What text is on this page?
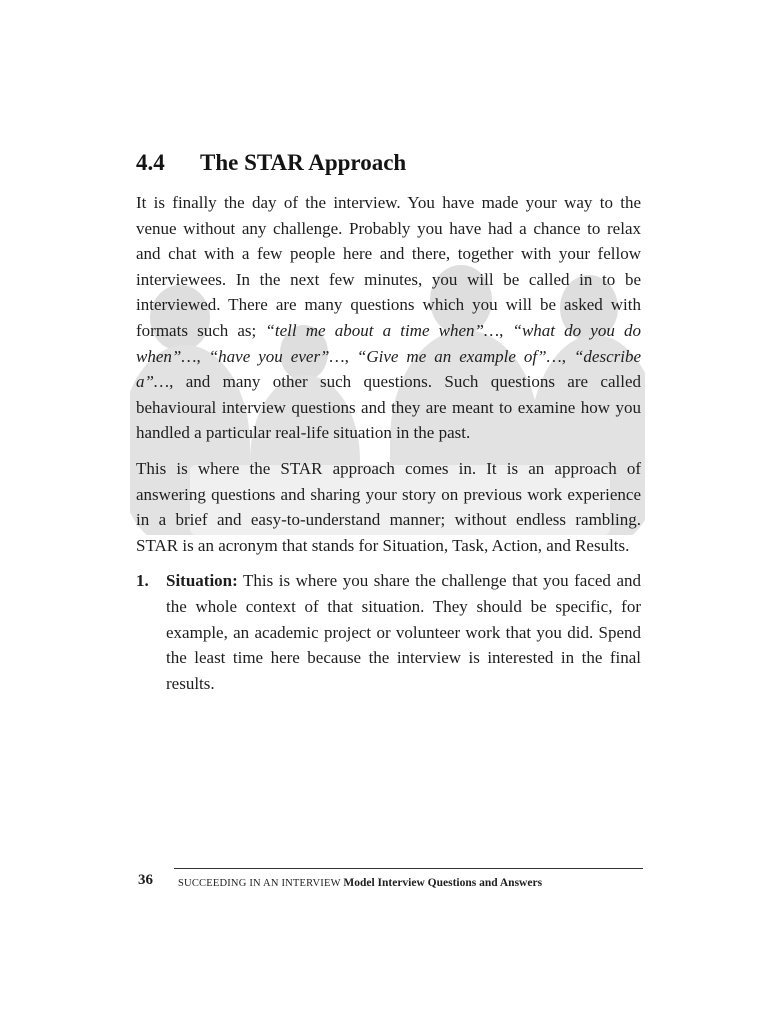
4.4	The STAR Approach

It is finally the day of the interview. You have made your way to the venue without any challenge. Probably you have had a chance to relax and chat with a few people here and there, together with your fellow interviewees. In the next few minutes, you will be called in to be interviewed. There are many questions which you will be asked with formats such as; “tell me about a time when”…, “what do you do when”…, “have you ever”…, “Give me an example of”…, “describe a”…, and many other such questions. Such questions are called behavioural interview questions and they are meant to examine how you handled a particular real-life situation in the past.

This is where the STAR approach comes in. It is an approach of answering questions and sharing your story on previous work experience in a brief and easy-to-understand manner; without endless rambling. STAR is an acronym that stands for Situation, Task, Action, and Results.

1.	Situation: This is where you share the challenge that you faced and the whole context of that situation. They should be specific, for example, an academic project or volunteer work that you did. Spend the least time here because the interview is interested in the final results.
36 SUCCEEDING IN AN INTERVIEW Model Interview Questions and Answers
